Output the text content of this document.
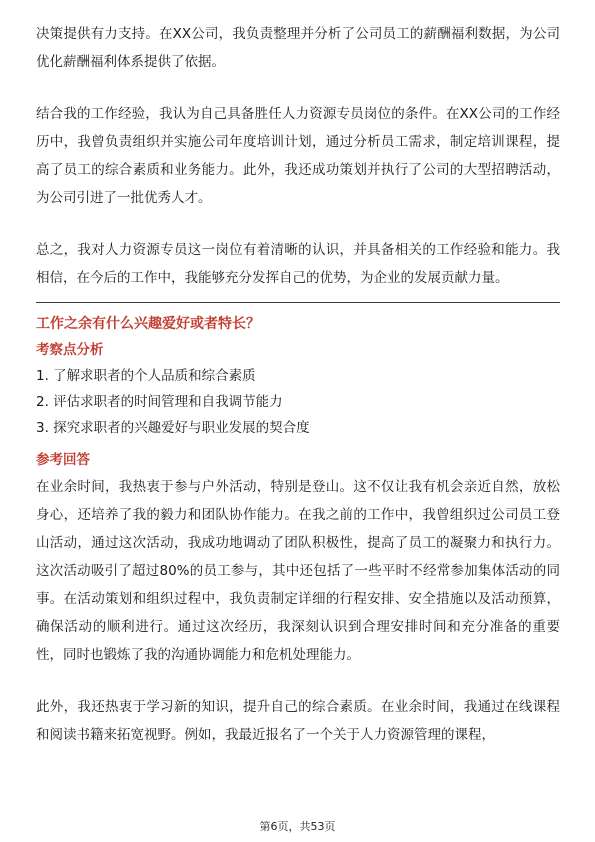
决策提供有力支持。在XX公司，我负责整理并分析了公司员工的薪酬福利数据，为公司优化薪酬福利体系提供了依据。

结合我的工作经验，我认为自己具备胜任人力资源专员岗位的条件。在XX公司的工作经历中，我曾负责组织并实施公司年度培训计划，通过分析员工需求，制定培训课程，提高了员工的综合素质和业务能力。此外，我还成功策划并执行了公司的大型招聘活动，为公司引进了一批优秀人才。

总之，我对人力资源专员这一岗位有着清晰的认识，并具备相关的工作经验和能力。我相信，在今后的工作中，我能够充分发挥自己的优势，为企业的发展贡献力量。

工作之余有什么兴趣爱好或者特长？
考察点分析
1. 了解求职者的个人品质和综合素质
2. 评估求职者的时间管理和自我调节能力
3. 探究求职者的兴趣爱好与职业发展的契合度
参考回答

在业余时间，我热衷于参与户外活动，特别是登山。这不仅让我有机会亲近自然，放松身心，还培养了我的毅力和团队协作能力。在我之前的工作中，我曾组织过公司员工登山活动，通过这次活动，我成功地调动了团队积极性，提高了员工的凝聚力和执行力。这次活动吸引了超过80%的员工参与，其中还包括了一些平时不经常参加集体活动的同事。在活动策划和组织过程中，我负责制定详细的行程安排、安全措施以及活动预算，确保活动的顺利进行。通过这次经历，我深刻认识到合理安排时间和充分准备的重要性，同时也锻炼了我的沟通协调能力和危机处理能力。

此外，我还热衷于学习新的知识，提升自己的综合素质。在业余时间，我通过在线课程和阅读书籍来拓宽视野。例如，我最近报名了一个关于人力资源管理的课程，

第6页，共53页
